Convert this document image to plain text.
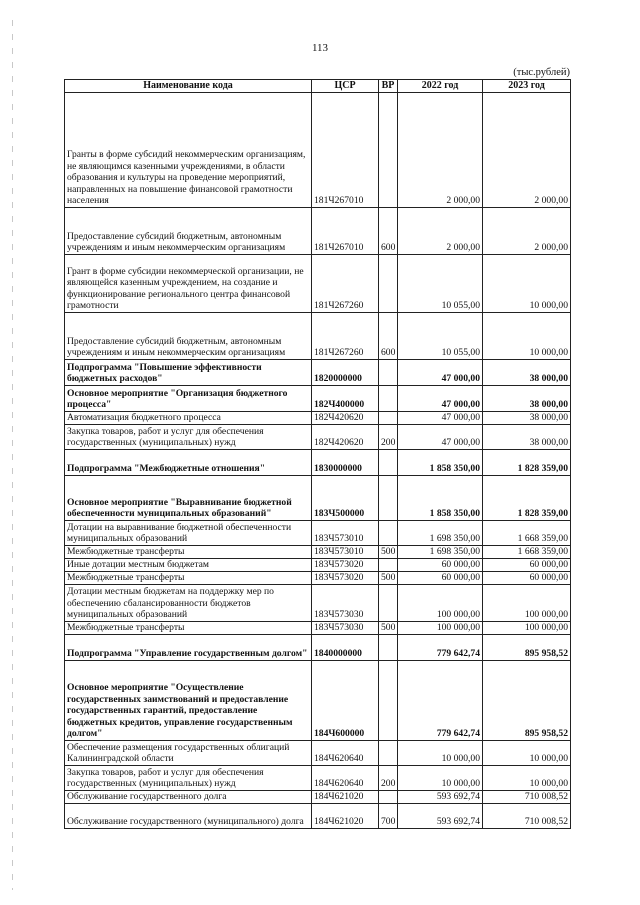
113
(тыс.рублей)
Наименование кода	ЦСР	ВР	2022 год	2023 год
Гранты в форме субсидий некоммерческим организациям, не являющимся казенными учреждениями, в области образования и культуры на проведение мероприятий, направленных на повышение финансовой грамотности населения	181Ч267010		2 000,00	2 000,00
Предоставление субсидий бюджетным, автономным учреждениям и иным некоммерческим организациям	181Ч267010	600	2 000,00	2 000,00
Грант в форме субсидии некоммерческой организации, не являющейся казенным учреждением, на создание и функционирование регионального центра финансовой грамотности	181Ч267260		10 055,00	10 000,00
Предоставление субсидий бюджетным, автономным учреждениям и иным некоммерческим организациям	181Ч267260	600	10 055,00	10 000,00
Подпрограмма "Повышение эффективности бюджетных расходов"	1820000000		47 000,00	38 000,00
Основное мероприятие "Организация бюджетного процесса"	182Ч400000		47 000,00	38 000,00
Автоматизация бюджетного процесса	182Ч420620		47 000,00	38 000,00
Закупка товаров, работ и услуг для обеспечения государственных (муниципальных) нужд	182Ч420620	200	47 000,00	38 000,00
Подпрограмма "Межбюджетные отношения"	1830000000		1 858 350,00	1 828 359,00
Основное мероприятие "Выравнивание бюджетной обеспеченности муниципальных образований"	183Ч500000		1 858 350,00	1 828 359,00
Дотации на выравнивание бюджетной обеспеченности муниципальных образований	183Ч573010		1 698 350,00	1 668 359,00
Межбюджетные трансферты	183Ч573010	500	1 698 350,00	1 668 359,00
Иные дотации местным бюджетам	183Ч573020		60 000,00	60 000,00
Межбюджетные трансферты	183Ч573020	500	60 000,00	60 000,00
Дотации местным бюджетам на поддержку мер по обеспечению сбалансированности бюджетов муниципальных образований	183Ч573030		100 000,00	100 000,00
Межбюджетные трансферты	183Ч573030	500	100 000,00	100 000,00
Подпрограмма "Управление государственным долгом"	1840000000		779 642,74	895 958,52
Основное мероприятие "Осуществление государственных заимствований и предоставление государственных гарантий, предоставление бюджетных кредитов, управление государственным долгом"	184Ч600000		779 642,74	895 958,52
Обеспечение размещения государственных облигаций Калининградской области	184Ч620640		10 000,00	10 000,00
Закупка товаров, работ и услуг для обеспечения государственных (муниципальных) нужд	184Ч620640	200	10 000,00	10 000,00
Обслуживание государственного долга	184Ч621020		593 692,74	710 008,52
Обслуживание государственного (муниципального) долга	184Ч621020	700	593 692,74	710 008,52
